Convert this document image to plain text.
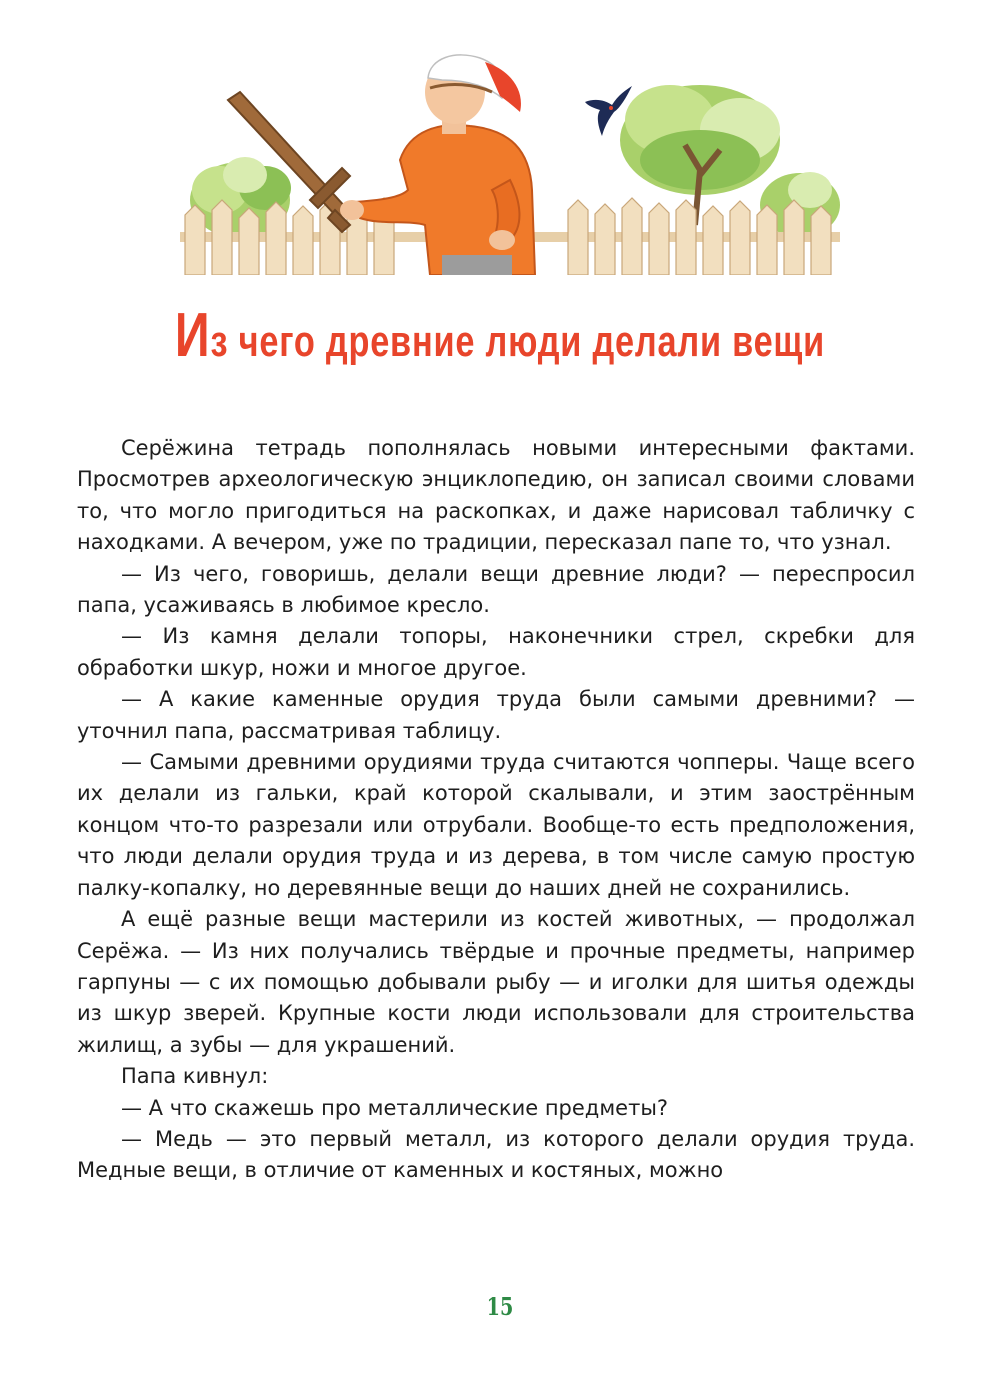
Из чего древние люди делали вещи

Серёжина тетрадь пополнялась новыми интересными фактами. Просмотрев археологическую энциклопедию, он записал своими словами то, что могло пригодиться на раскопках, и даже нарисовал табличку с находками. А вечером, уже по традиции, пересказал папе то, что узнал.

— Из чего, говоришь, делали вещи древние люди? — переспросил папа, усаживаясь в любимое кресло.

— Из камня делали топоры, наконечники стрел, скребки для обработки шкур, ножи и многое другое.

— А какие каменные орудия труда были самыми древними? — уточнил папа, рассматривая таблицу.

— Самыми древними орудиями труда считаются чопперы. Чаще всего их делали из гальки, край которой скалывали, и этим заострённым концом что-то разрезали или отрубали. Вообще-то есть предположения, что люди делали орудия труда и из дерева, в том числе самую простую палку-копалку, но деревянные вещи до наших дней не сохранились.

А ещё разные вещи мастерили из костей животных, — продолжал Серёжа. — Из них получались твёрдые и прочные предметы, например гарпуны — с их помощью добывали рыбу — и иголки для шитья одежды из шкур зверей. Крупные кости люди использовали для строительства жилищ, а зубы — для украшений.

Папа кивнул:

— А что скажешь про металлические предметы?

— Медь — это первый металл, из которого делали орудия труда. Медные вещи, в отличие от каменных и костяных, можно

15
